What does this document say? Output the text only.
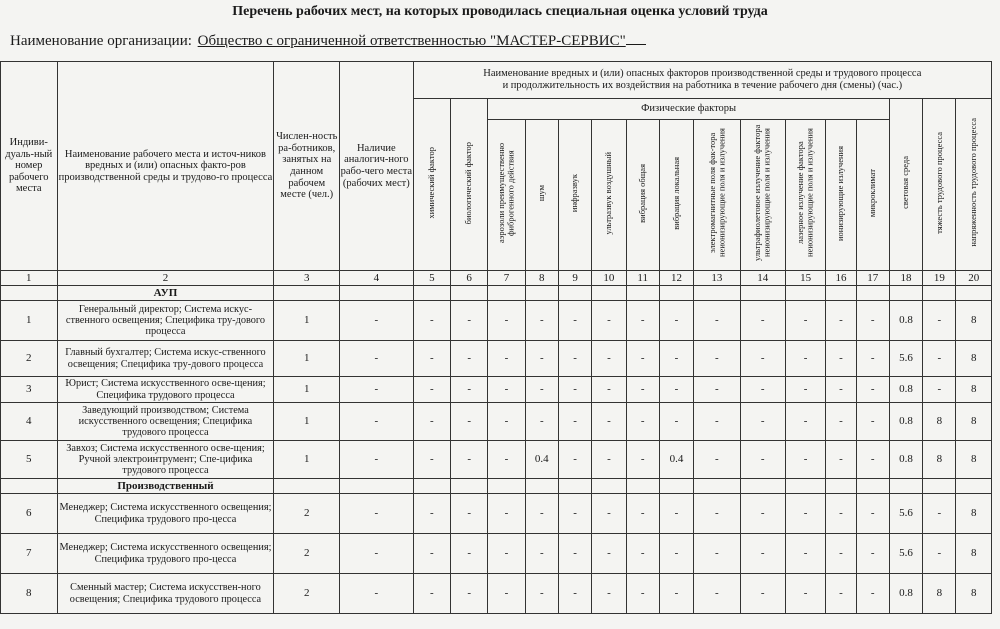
Перечень рабочих мест, на которых проводилась специальная оценка условий труда
Наименование организации: Общество с ограниченной ответственностью "МАСТЕР-СЕРВИС"
Индиви-дуаль-ный номер рабочего места	Наименование рабочего места и источ-ников вредных и (или) опасных факто-ров производственной среды и трудово-го процесса	Числен-ность ра-ботников, занятых на данном рабочем месте (чел.)	Наличие аналогич-ного рабо-чего места (рабочих мест)	Наименование вредных и (или) опасных факторов производственной среды и трудового процесса
и продолжительность их воздействия на работника в течение рабочего дня (смены) (час.)															

				химический фактор	биологический фактор	Физические факторы											световая среда	тяжесть трудового процесса	напряженность трудового процесса
						аэрозоли преимущественно фиброгенного действия	шум	инфразвук	ультразвук воздушный	вибрация общая	вибрация локальная	электромагнитные поля фак-тора неионизирующие поля и излучения	ультрафиолетовое излучение фактора неионизирующие поля и излучения	лазерное излучение фактора неионизирующие поля и излучения	ионизирующие излучения	микроклимат			
1	2	3	4	5	6	7	8	9	10	11	12	13	14	15	16	17	18	19	20
	АУП																		
1	Генеральный директор; Система искус-ственного освещения; Специфика тру-дового процесса	1	-	-	-	-	-	-	-	-	-	-	-	-	-	-	0.8	-	8
2	Главный бухгалтер; Система искус-ственного освещения; Специфика тру-дового процесса	1	-	-	-	-	-	-	-	-	-	-	-	-	-	-	5.6	-	8
3	Юрист; Система искусственного осве-щения; Специфика трудового процесса	1	-	-	-	-	-	-	-	-	-	-	-	-	-	-	0.8	-	8
4	Заведующий производством; Система искусственного освещения; Специфика трудового процесса	1	-	-	-	-	-	-	-	-	-	-	-	-	-	-	0.8	8	8
5	Завхоз; Система искусственного осве-щения; Ручной электроинтрумент; Спе-цифика трудового процесса	1	-	-	-	-	0.4	-	-	-	0.4	-	-	-	-	-	0.8	8	8
	Производственный																		
6	Менеджер; Система искусственного освещения; Специфика трудового про-цесса	2	-	-	-	-	-	-	-	-	-	-	-	-	-	-	5.6	-	8
7	Менеджер; Система искусственного освещения; Специфика трудового про-цесса	2	-	-	-	-	-	-	-	-	-	-	-	-	-	-	5.6	-	8
8	Сменный мастер; Система искусствен-ного освещения; Специфика трудового процесса	2	-	-	-	-	-	-	-	-	-	-	-	-	-	-	0.8	8	8
